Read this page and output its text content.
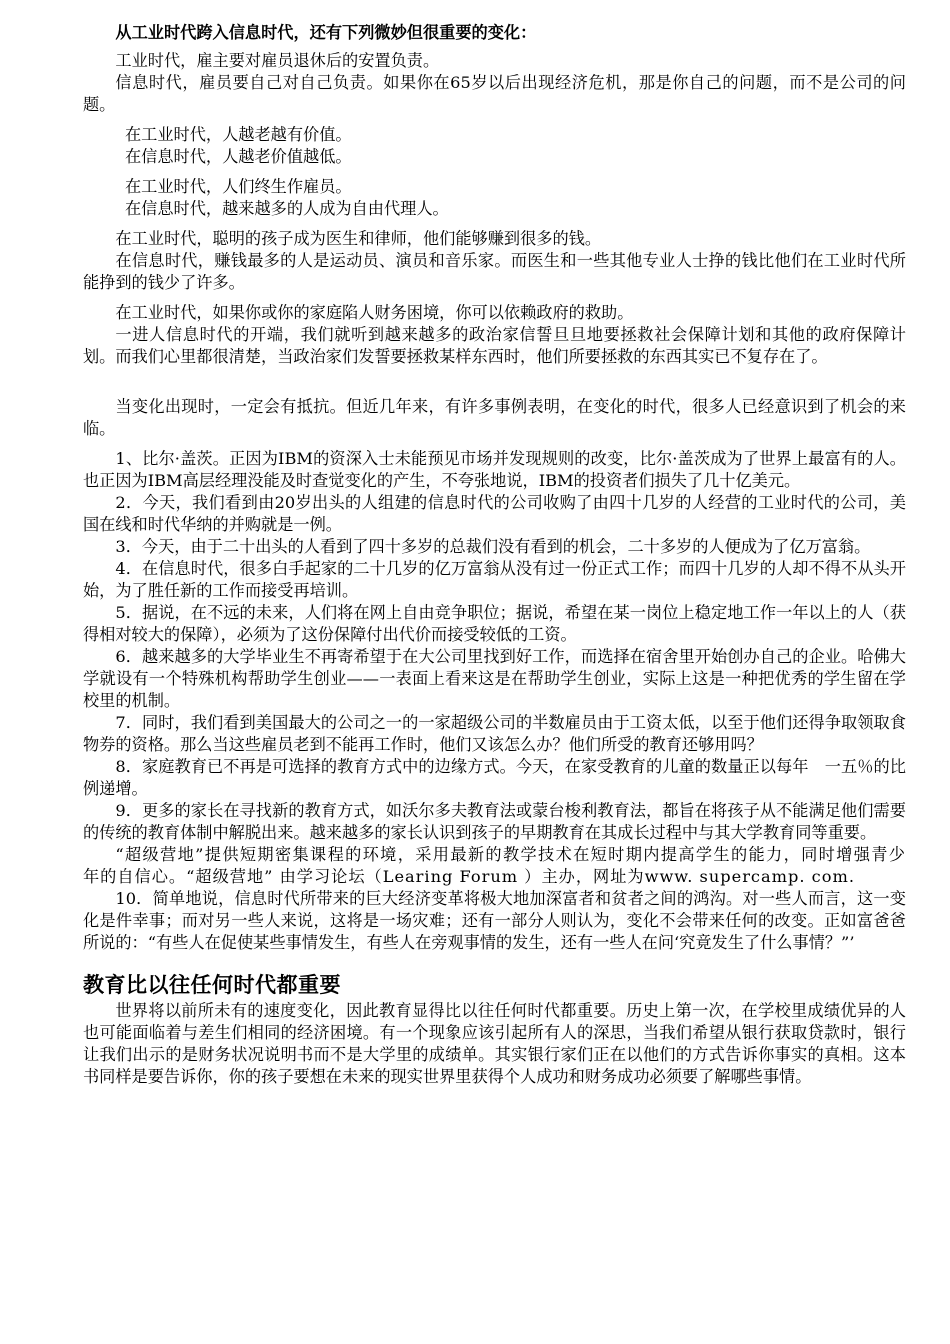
从工业时代跨入信息时代，还有下列微妙但很重要的变化：

工业时代，雇主要对雇员退休后的安置负责。

信息时代，雇员要自己对自己负责。如果你在65岁以后出现经济危机，那是你自己的问题，而不是公司的问题。

在工业时代，人越老越有价值。

在信息时代，人越老价值越低。

在工业时代，人们终生作雇员。

在信息时代，越来越多的人成为自由代理人。

在工业时代，聪明的孩子成为医生和律师，他们能够赚到很多的钱。

在信息时代，赚钱最多的人是运动员、演员和音乐家。而医生和一些其他专业人士挣的钱比他们在工业时代所能挣到的钱少了许多。

在工业时代，如果你或你的家庭陷人财务困境，你可以依赖政府的救助。

一进人信息时代的开端，我们就听到越来越多的政治家信誓旦旦地要拯救社会保障计划和其他的政府保障计划。而我们心里都很清楚，当政治家们发誓要拯救某样东西时，他们所要拯救的东西其实已不复存在了。

当变化出现时，一定会有抵抗。但近几年来，有许多事例表明，在变化的时代，很多人已经意识到了机会的来临。

1、比尔·盖茨。正因为IBM的资深入士未能预见市场并发现规则的改变，比尔·盖茨成为了世界上最富有的人。也正因为IBM高层经理没能及时查觉变化的产生，不夸张地说，IBM的投资者们损失了几十亿美元。

2．今天，我们看到由20岁出头的人组建的信息时代的公司收购了由四十几岁的人经营的工业时代的公司，美国在线和时代华纳的并购就是一例。

3．今天，由于二十出头的人看到了四十多岁的总裁们没有看到的机会，二十多岁的人便成为了亿万富翁。

4．在信息时代，很多白手起家的二十几岁的亿万富翁从没有过一份正式工作；而四十几岁的人却不得不从头开始，为了胜任新的工作而接受再培训。

5．据说，在不远的未来，人们将在网上自由竞争职位；据说，希望在某一岗位上稳定地工作一年以上的人（获得相对较大的保障），必须为了这份保障付出代价而接受较低的工资。

6．越来越多的大学毕业生不再寄希望于在大公司里找到好工作，而选择在宿舍里开始创办自己的企业。哈佛大学就设有一个特殊机构帮助学生创业——一表面上看来这是在帮助学生创业，实际上这是一种把优秀的学生留在学校里的机制。

7．同时，我们看到美国最大的公司之一的一家超级公司的半数雇员由于工资太低，以至于他们还得争取领取食物券的资格。那么当这些雇员老到不能再工作时，他们又该怎么办？他们所受的教育还够用吗？

8．家庭教育已不再是可选择的教育方式中的边缘方式。今天，在家受教育的儿童的数量正以每年　一五％的比例递增。

9．更多的家长在寻找新的教育方式，如沃尔多夫教育法或蒙台梭利教育法，都旨在将孩子从不能满足他们需要的传统的教育体制中解脱出来。越来越多的家长认识到孩子的早期教育在其成长过程中与其大学教育同等重要。

“超级营地”提供短期密集课程的环境，采用最新的教学技术在短时期内提高学生的能力，同时增强青少年的自信心。“超级营地” 由学习论坛（Learing Forum ）主办，网址为www. supercamp. com.

10．简单地说，信息时代所带来的巨大经济变革将极大地加深富者和贫者之间的鸿沟。对一些人而言，这一变化是件幸事；而对另一些人来说，这将是一场灾难；还有一部分人则认为，变化不会带来任何的改变。正如富爸爸所说的：“有些人在促使某些事情发生，有些人在旁观事情的发生，还有一些人在问‘究竟发生了什么事情？”’

教育比以往任何时代都重要

世界将以前所未有的速度变化，因此教育显得比以往任何时代都重要。历史上第一次，在学校里成绩优异的人也可能面临着与差生们相同的经济困境。有一个现象应该引起所有人的深思，当我们希望从银行获取贷款时，银行让我们出示的是财务状况说明书而不是大学里的成绩单。其实银行家们正在以他们的方式告诉你事实的真相。这本书同样是要告诉你，你的孩子要想在未来的现实世界里获得个人成功和财务成功必须要了解哪些事情。
